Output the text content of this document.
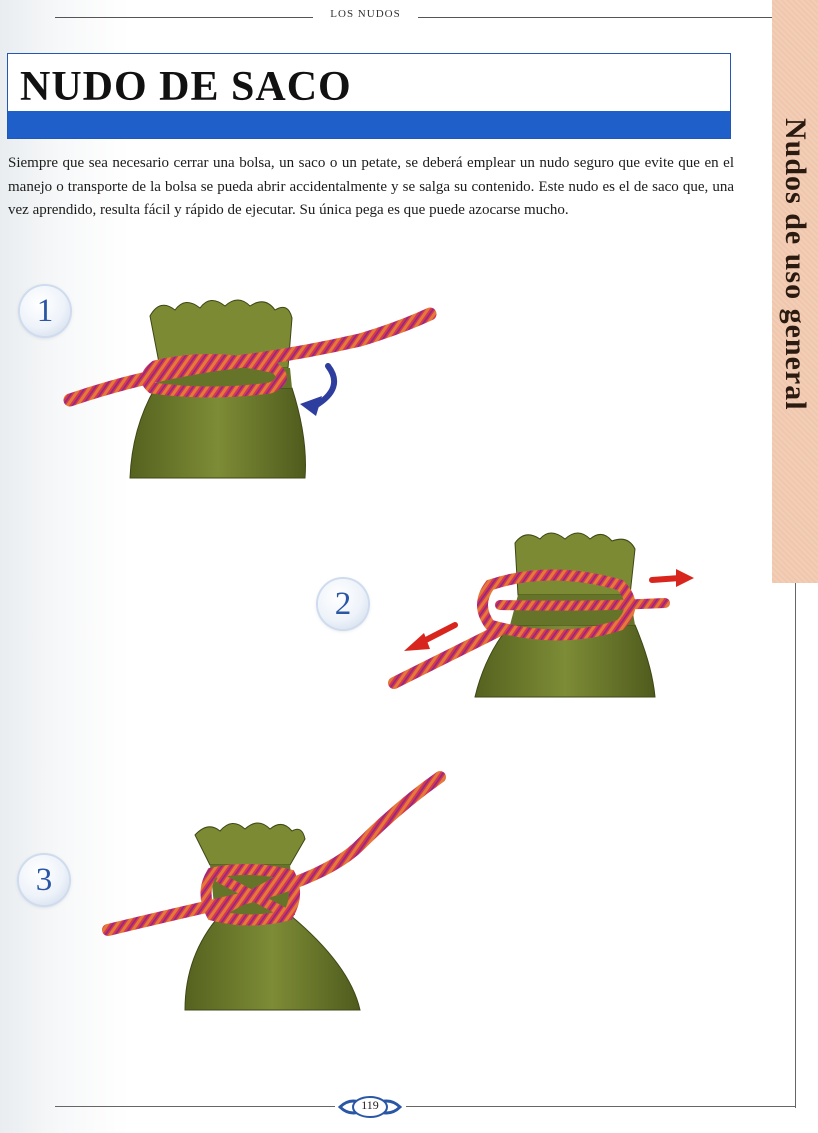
LOS NUDOS
NUDO DE SACO

Siempre que sea necesario cerrar una bolsa, un saco o un petate, se deberá emplear un nudo seguro que evite que en el manejo o transporte de la bolsa se pueda abrir accidentalmente y se salga su contenido. Este nudo es el de saco que, una vez aprendido, resulta fácil y rápido de ejecutar. Su única pega es que puede azocarse mucho.	Nudos de uso general
1
2
3
119
